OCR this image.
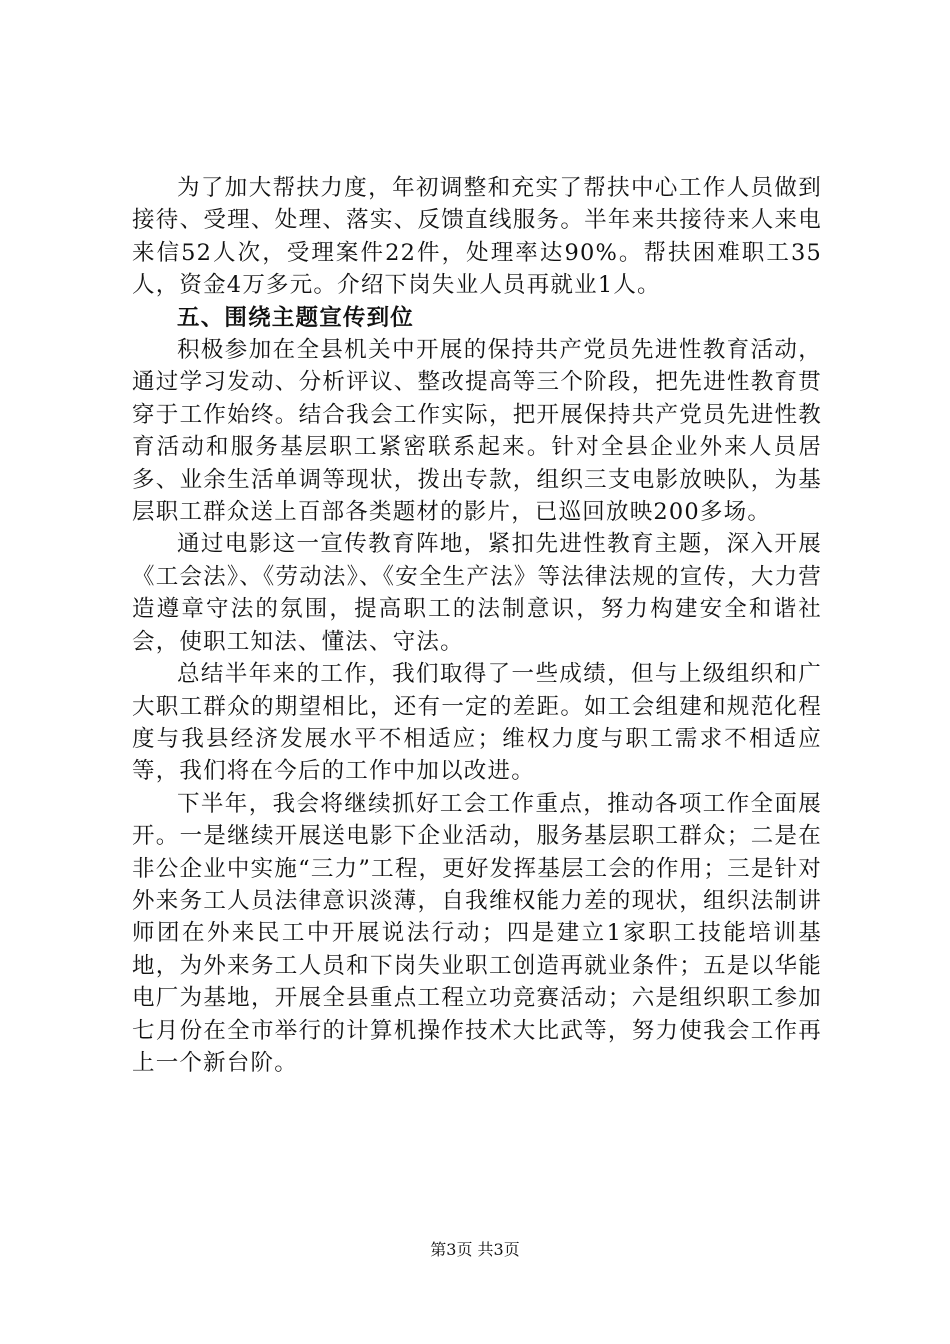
为了加大帮扶力度，年初调整和充实了帮扶中心工作人员做到接待、受理、处理、落实、反馈直线服务。半年来共接待来人来电来信52人次，受理案件22件，处理率达90%。帮扶困难职工35人，资金4万多元。介绍下岗失业人员再就业1人。

五、围绕主题宣传到位

积极参加在全县机关中开展的保持共产党员先进性教育活动，通过学习发动、分析评议、整改提高等三个阶段，把先进性教育贯穿于工作始终。结合我会工作实际，把开展保持共产党员先进性教育活动和服务基层职工紧密联系起来。针对全县企业外来人员居多、业余生活单调等现状，拨出专款，组织三支电影放映队，为基层职工群众送上百部各类题材的影片，已巡回放映200多场。

通过电影这一宣传教育阵地，紧扣先进性教育主题，深入开展《工会法》、《劳动法》、《安全生产法》等法律法规的宣传，大力营造遵章守法的氛围，提高职工的法制意识，努力构建安全和谐社会，使职工知法、懂法、守法。

总结半年来的工作，我们取得了一些成绩，但与上级组织和广大职工群众的期望相比，还有一定的差距。如工会组建和规范化程度与我县经济发展水平不相适应；维权力度与职工需求不相适应等，我们将在今后的工作中加以改进。

下半年，我会将继续抓好工会工作重点，推动各项工作全面展开。一是继续开展送电影下企业活动，服务基层职工群众；二是在非公企业中实施“三力”工程，更好发挥基层工会的作用；三是针对外来务工人员法律意识淡薄，自我维权能力差的现状，组织法制讲师团在外来民工中开展说法行动；四是建立1家职工技能培训基地，为外来务工人员和下岗失业职工创造再就业条件；五是以华能电厂为基地，开展全县重点工程立功竞赛活动；六是组织职工参加七月份在全市举行的计算机操作技术大比武等，努力使我会工作再上一个新台阶。

第3页 共3页
